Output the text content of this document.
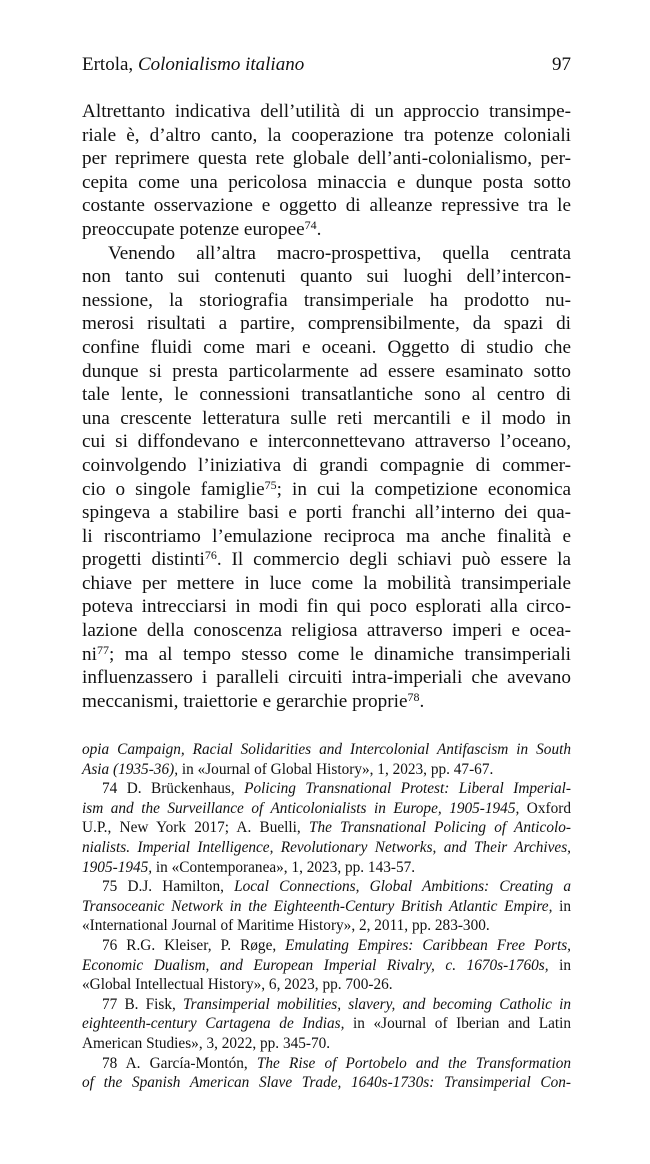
Ertola, Colonialismo italiano	97
Altrettanto indicativa dell’utilità di un approccio transimpe-
riale è, d’altro canto, la cooperazione tra potenze coloniali
per reprimere questa rete globale dell’anti-colonialismo, per-
cepita come una pericolosa minaccia e dunque posta sotto
costante osservazione e oggetto di alleanze repressive tra le
preoccupate potenze europee$^{74}$.
Venendo all’altra macro-prospettiva, quella centrata
non tanto sui contenuti quanto sui luoghi dell’intercon-
nessione, la storiografia transimperiale ha prodotto nu-
merosi risultati a partire, comprensibilmente, da spazi di
confine fluidi come mari e oceani. Oggetto di studio che
dunque si presta particolarmente ad essere esaminato sotto
tale lente, le connessioni transatlantiche sono al centro di
una crescente letteratura sulle reti mercantili e il modo in
cui si diffondevano e interconnettevano attraverso l’oceano,
coinvolgendo l’iniziativa di grandi compagnie di commer-
cio o singole famiglie$^{75}$; in cui la competizione economica
spingeva a stabilire basi e porti franchi all’interno dei qua-
li riscontriamo l’emulazione reciproca ma anche finalità e
progetti distinti$^{76}$. Il commercio degli schiavi può essere la
chiave per mettere in luce come la mobilità transimperiale
poteva intrecciarsi in modi fin qui poco esplorati alla circo-
lazione della conoscenza religiosa attraverso imperi e ocea-
ni$^{77}$; ma al tempo stesso come le dinamiche transimperiali
influenzassero i paralleli circuiti intra-imperiali che avevano
meccanismi, traiettorie e gerarchie proprie$^{78}$.
opia Campaign, Racial Solidarities and Intercolonial Antifascism in South
Asia (1935-36), in «Journal of Global History», 1, 2023, pp. 47-67.
74 D. Brückenhaus, Policing Transnational Protest: Liberal Imperial-
ism and the Surveillance of Anticolonialists in Europe, 1905-1945, Oxford
U.P., New York 2017; A. Buelli, The Transnational Policing of Anticolo-
nialists. Imperial Intelligence, Revolutionary Networks, and Their Archives,
1905-1945, in «Contemporanea», 1, 2023, pp. 143-57.
75 D.J. Hamilton, Local Connections, Global Ambitions: Creating a
Transoceanic Network in the Eighteenth-Century British Atlantic Empire, in
«International Journal of Maritime History», 2, 2011, pp. 283-300.
76 R.G. Kleiser, P. Røge, Emulating Empires: Caribbean Free Ports,
Economic Dualism, and European Imperial Rivalry, c. 1670s-1760s, in
«Global Intellectual History», 6, 2023, pp. 700-26.
77 B. Fisk, Transimperial mobilities, slavery, and becoming Catholic in
eighteenth-century Cartagena de Indias, in «Journal of Iberian and Latin
American Studies», 3, 2022, pp. 345-70.
78 A. García-Montón, The Rise of Portobelo and the Transformation
of the Spanish American Slave Trade, 1640s-1730s: Transimperial Con-
